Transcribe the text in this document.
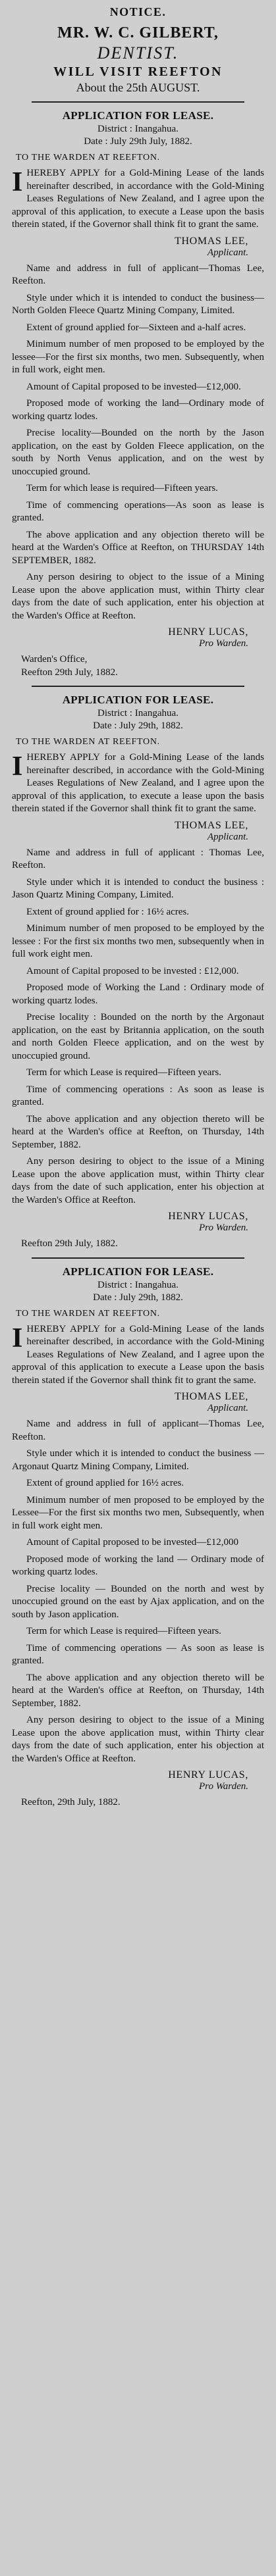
NOTICE.
MR. W. C. GILBERT,
DENTIST.
WILL VISIT REEFTON
About the 25th AUGUST.
APPLICATION FOR LEASE.
District : Inangahua.
Date : July 29th July, 1882.
TO THE WARDEN AT REEFTON.

IHEREBY APPLY for a Gold-Mining Lease of the lands hereinafter described, in accordance with the Gold-Mining Leases Regulations of New Zealand, and I agree upon the approval of this application, to execute a Lease upon the basis therein stated, if the Governor shall think fit to grant the same.

THOMAS LEE,
Applicant.

Name and address in full of applicant—Thomas Lee, Reefton.

Style under which it is intended to conduct the business—North Golden Fleece Quartz Mining Company, Limited.

Extent of ground applied for—Sixteen and a-half acres.

Minimum number of men proposed to be employed by the lessee—For the first six months, two men. Subsequently, when in full work, eight men.

Amount of Capital proposed to be invested—£12,000.

Proposed mode of working the land—Ordinary mode of working quartz lodes.

Precise locality—Bounded on the north by the Jason application, on the east by Golden Fleece application, on the south by North Venus application, and on the west by unoccupied ground.

Term for which lease is required—Fifteen years.

Time of commencing operations—As soon as lease is granted.

The above application and any objection thereto will be heard at the Warden's Office at Reefton, on THURSDAY 14th SEPTEMBER, 1882.

Any person desiring to object to the issue of a Mining Lease upon the above application must, within Thirty clear days from the date of such application, enter his objection at the Warden's Office at Reefton.

HENRY LUCAS,
Pro Warden.
Warden's Office,
Reefton 29th July, 1882.
APPLICATION FOR LEASE.
District : Inangahua.
Date : July 29th, 1882.
TO THE WARDEN AT REEFTON.

IHEREBY APPLY for a Gold-Mining Lease of the lands hereinafter described, in accordance with the Gold-Mining Leases Regulations of New Zealand, and I agree upon the approval of this application, to execute a lease upon the basis therein stated if the Governor shall think fit to grant the same.

THOMAS LEE,
Applicant.

Name and address in full of applicant : Thomas Lee, Reefton.

Style under which it is intended to conduct the business : Jason Quartz Mining Company, Limited.

Extent of ground applied for : 16½ acres.

Minimum number of men proposed to be employed by the lessee : For the first six months two men, subsequently when in full work eight men.

Amount of Capital proposed to be invested : £12,000.

Proposed mode of Working the Land : Ordinary mode of working quartz lodes.

Precise locality : Bounded on the north by the Argonaut application, on the east by Britannia application, on the south and north Golden Fleece application, and on the west by unoccupied ground.

Term for which Lease is required—Fifteen years.

Time of commencing operations : As soon as lease is granted.

The above application and any objection thereto will be heard at the Warden's office at Reefton, on Thursday, 14th September, 1882.

Any person desiring to object to the issue of a Mining Lease upon the above application must, within Thirty clear days from the date of such application, enter his objection at the Warden's Office at Reefton.

HENRY LUCAS,
Pro Warden.
Reefton 29th July, 1882.
APPLICATION FOR LEASE.
District : Inangahua.
Date : July 29th, 1882.
TO THE WARDEN AT REEFTON.

IHEREBY APPLY for a Gold-Mining Lease of the lands hereinafter described, in accordance with the Gold-Mining Leases Regulations of New Zealand, and I agree upon the approval of this application to execute a Lease upon the basis therein stated if the Governor shall think fit to grant the same.

THOMAS LEE,
Applicant.

Name and address in full of applicant—Thomas Lee, Reefton.

Style under which it is intended to conduct the business — Argonaut Quartz Mining Company, Limited.

Extent of ground applied for 16½ acres.

Minimum number of men proposed to be employed by the Lessee—For the first six months two men, Subsequently, when in full work eight men.

Amount of Capital proposed to be invested—£12,000

Proposed mode of working the land — Ordinary mode of working quartz lodes.

Precise locality — Bounded on the north and west by unoccupied ground on the east by Ajax application, and on the south by Jason application.

Term for which Lease is required—Fifteen years.

Time of commencing operations — As soon as lease is granted.

The above application and any objection thereto will be heard at the Warden's office at Reefton, on Thursday, 14th September, 1882.

Any person desiring to object to the issue of a Mining Lease upon the above application must, within Thirty clear days from the date of such application, enter his objection at the Warden's Office at Reefton.

HENRY LUCAS,
Pro Warden.
Reefton, 29th July, 1882.
